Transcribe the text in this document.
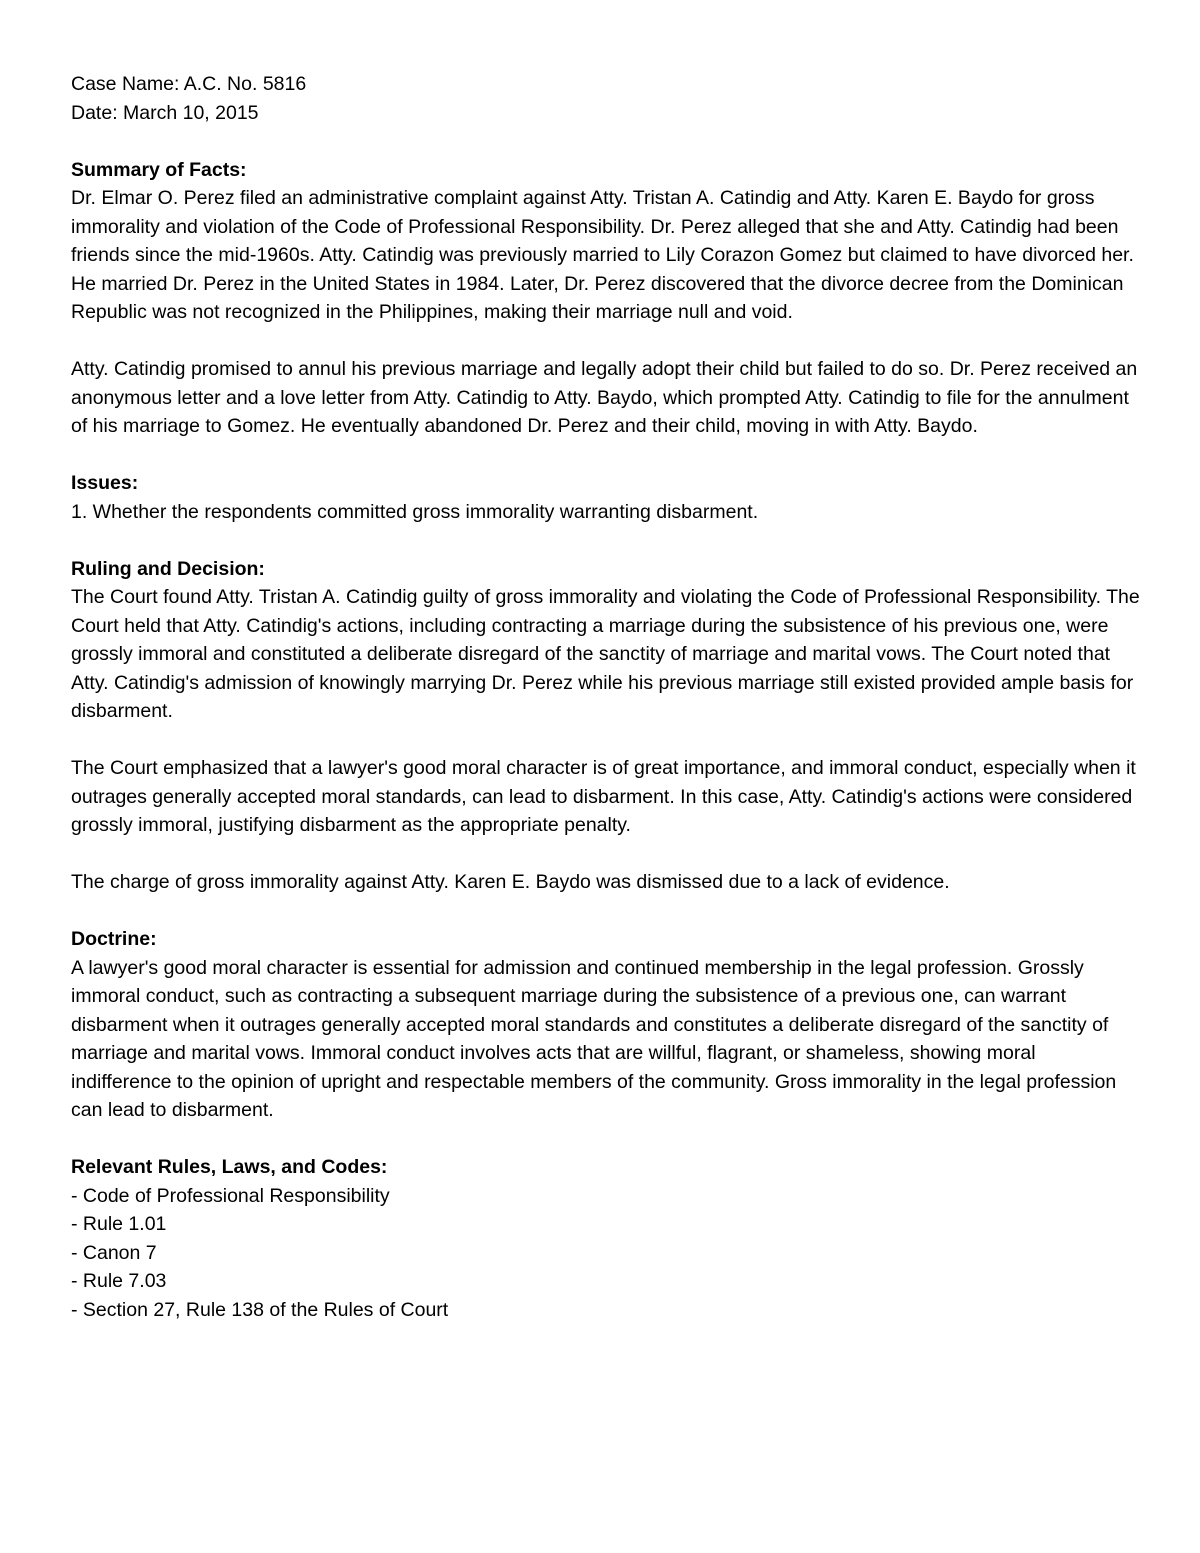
Case Name: A.C. No. 5816
Date: March 10, 2015
Summary of Facts:

Dr. Elmar O. Perez filed an administrative complaint against Atty. Tristan A. Catindig and Atty. Karen E. Baydo for gross immorality and violation of the Code of Professional Responsibility. Dr. Perez alleged that she and Atty. Catindig had been friends since the mid-1960s. Atty. Catindig was previously married to Lily Corazon Gomez but claimed to have divorced her. He married Dr. Perez in the United States in 1984. Later, Dr. Perez discovered that the divorce decree from the Dominican Republic was not recognized in the Philippines, making their marriage null and void.

Atty. Catindig promised to annul his previous marriage and legally adopt their child but failed to do so. Dr. Perez received an anonymous letter and a love letter from Atty. Catindig to Atty. Baydo, which prompted Atty. Catindig to file for the annulment of his marriage to Gomez. He eventually abandoned Dr. Perez and their child, moving in with Atty. Baydo.

Issues:
1. Whether the respondents committed gross immorality warranting disbarment.
Ruling and Decision:

The Court found Atty. Tristan A. Catindig guilty of gross immorality and violating the Code of Professional Responsibility. The Court held that Atty. Catindig's actions, including contracting a marriage during the subsistence of his previous one, were grossly immoral and constituted a deliberate disregard of the sanctity of marriage and marital vows. The Court noted that Atty. Catindig's admission of knowingly marrying Dr. Perez while his previous marriage still existed provided ample basis for disbarment.

The Court emphasized that a lawyer's good moral character is of great importance, and immoral conduct, especially when it outrages generally accepted moral standards, can lead to disbarment. In this case, Atty. Catindig's actions were considered grossly immoral, justifying disbarment as the appropriate penalty.

The charge of gross immorality against Atty. Karen E. Baydo was dismissed due to a lack of evidence.

Doctrine:

A lawyer's good moral character is essential for admission and continued membership in the legal profession. Grossly immoral conduct, such as contracting a subsequent marriage during the subsistence of a previous one, can warrant disbarment when it outrages generally accepted moral standards and constitutes a deliberate disregard of the sanctity of marriage and marital vows. Immoral conduct involves acts that are willful, flagrant, or shameless, showing moral indifference to the opinion of upright and respectable members of the community. Gross immorality in the legal profession can lead to disbarment.

Relevant Rules, Laws, and Codes:
- Code of Professional Responsibility
- Rule 1.01
- Canon 7
- Rule 7.03
- Section 27, Rule 138 of the Rules of Court
